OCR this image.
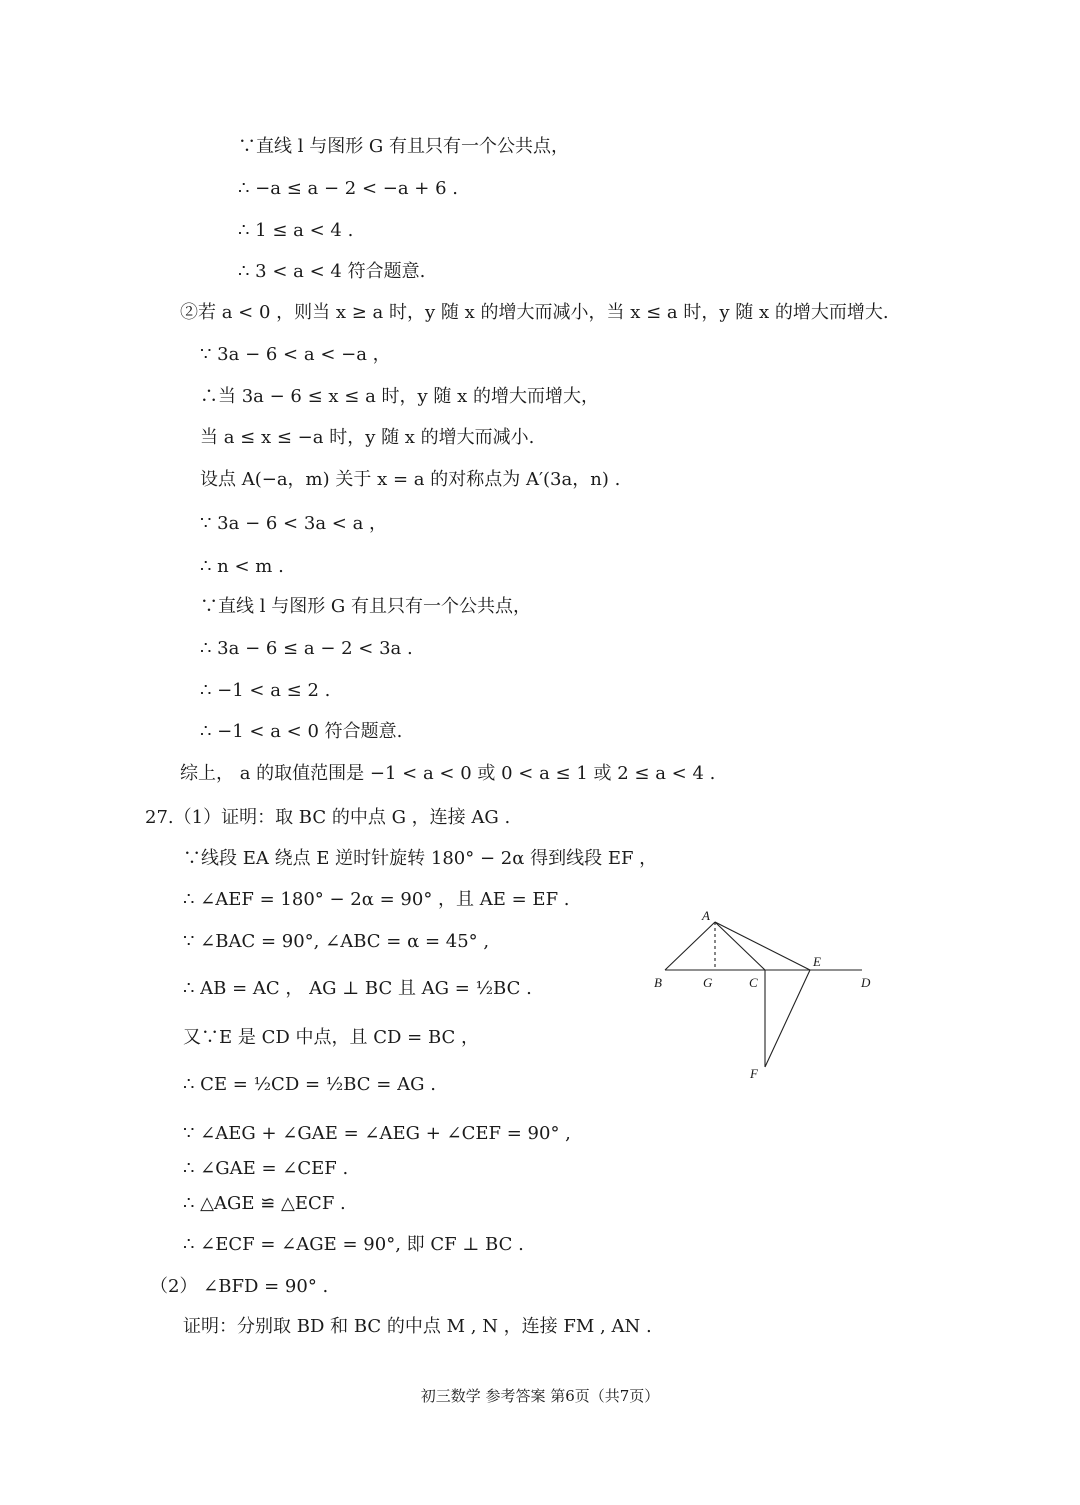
∵直线 l 与图形 G 有且只有一个公共点，
∴ −a ≤ a − 2 < −a + 6 .
∴ 1 ≤ a < 4 .
∴ 3 < a < 4 符合题意.
②若 a < 0 ，则当 x ≥ a 时，y 随 x 的增大而减小，当 x ≤ a 时，y 随 x 的增大而增大.
∵ 3a − 6 < a < −a ，
∴当 3a − 6 ≤ x ≤ a 时，y 随 x 的增大而增大，
当 a ≤ x ≤ −a 时，y 随 x 的增大而减小.
设点 A(−a，m) 关于 x = a 的对称点为 A′(3a，n) .
∵ 3a − 6 < 3a < a ，
∴ n < m .
∵直线 l 与图形 G 有且只有一个公共点，
∴ 3a − 6 ≤ a − 2 < 3a .
∴ −1 < a ≤ 2 .
∴ −1 < a < 0 符合题意.
综上， a 的取值范围是 −1 < a < 0 或 0 < a ≤ 1 或 2 ≤ a < 4 .
27.（1）证明：取 BC 的中点 G ，连接 AG .
∵线段 EA 绕点 E 逆时针旋转 180° − 2α 得到线段 EF ，
∴ ∠AEF = 180° − 2α = 90° ，且 AE = EF .
∵ ∠BAC = 90°, ∠ABC = α = 45° ,
∴ AB = AC ， AG ⊥ BC 且 AG = ½BC .
又∵E 是 CD 中点，且 CD = BC ，
∴ CE = ½CD = ½BC = AG .
∵ ∠AEG + ∠GAE = ∠AEG + ∠CEF = 90° ,
∴ ∠GAE = ∠CEF .
∴ △AGE ≌ △ECF .
∴ ∠ECF = ∠AGE = 90°, 即 CF ⊥ BC .
（2） ∠BFD = 90° .
证明：分别取 BD 和 BC 的中点 M , N ，连接 FM , AN .
A
B	G	C
E
D
F
初三数学 参考答案 第6页（共7页）
